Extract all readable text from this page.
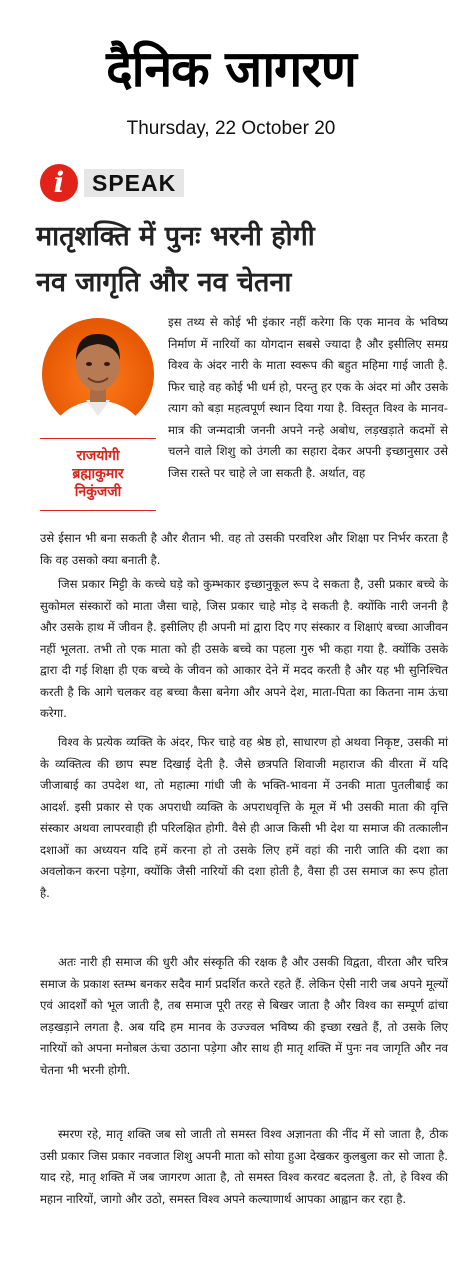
दैनिक जागरण
Thursday, 22 October 20
i	SPEAK
मातृशक्ति में पुनः भरनी होगी
नव जागृति और नव चेतना
राजयोगी
ब्रह्माकुमार
निकुंजजी

इस तथ्य से कोई भी इंकार नहीं करेगा कि एक मानव के भविष्य निर्माण में नारियों का योगदान सबसे ज्यादा है और इसीलिए समग्र विश्व के अंदर नारी के माता स्वरूप की बहुत महिमा गाई जाती है. फिर चाहे वह कोई भी धर्म हो, परन्तु हर एक के अंदर मां और उसके त्याग को बड़ा महत्वपूर्ण स्थान दिया गया है. विस्तृत विश्व के मानव-मात्र की जन्मदात्री जननी अपने नन्हे अबोध, लड़खड़ाते कदमों से चलने वाले शिशु को उंगली का सहारा देकर अपनी इच्छानुसार उसे जिस रास्ते पर चाहे ले जा सकती है. अर्थात, वह

उसे ईसान भी बना सकती है और शैतान भी. वह तो उसकी परवरिश और शिक्षा पर निर्भर करता है कि वह उसको क्या बनाती है.

जिस प्रकार मिट्टी के कच्चे घड़े को कुम्भकार इच्छानुकूल रूप दे सकता है, उसी प्रकार बच्चे के सुकोमल संस्कारों को माता जैसा चाहे, जिस प्रकार चाहे मोड़ दे सकती है. क्योंकि नारी जननी है और उसके हाथ में जीवन है. इसीलिए ही अपनी मां द्वारा दिए गए संस्कार व शिक्षाएं बच्चा आजीवन नहीं भूलता. तभी तो एक माता को ही उसके बच्चे का पहला गुरु भी कहा गया है. क्योंकि उसके द्वारा दी गई शिक्षा ही एक बच्चे के जीवन को आकार देने में मदद करती है और यह भी सुनिश्चित करती है कि आगे चलकर वह बच्चा कैसा बनेगा और अपने देश, माता-पिता का कितना नाम ऊंचा करेगा.

विश्व के प्रत्येक व्यक्ति के अंदर, फिर चाहे वह श्रेष्ठ हो, साधारण हो अथवा निकृष्ट, उसकी मां के व्यक्तित्व की छाप स्पष्ट दिखाई देती है. जैसे छत्रपति शिवाजी महाराज की वीरता में यदि जीजाबाई का उपदेश था, तो महात्मा गांधी जी के भक्ति-भावना में उनकी माता पुतलीबाई का आदर्श. इसी प्रकार से एक अपराधी व्यक्ति के अपराधवृत्ति के मूल में भी उसकी माता की वृत्ति संस्कार अथवा लापरवाही ही परिलक्षित होगी. वैसे ही आज किसी भी देश या समाज की तत्कालीन दशाओं का अध्ययन यदि हमें करना हो तो उसके लिए हमें वहां की नारी जाति की दशा का अवलोकन करना पड़ेगा, क्योंकि जैसी नारियों की दशा होती है, वैसा ही उस समाज का रूप होता है.

अतः नारी ही समाज की धुरी और संस्कृति की रक्षक है और उसकी विद्वता, वीरता और चरित्र समाज के प्रकाश स्तम्भ बनकर सदैव मार्ग प्रदर्शित करते रहते हैं. लेकिन ऐसी नारी जब अपने मूल्यों एवं आदर्शों को भूल जाती है, तब समाज पूरी तरह से बिखर जाता है और विश्व का सम्पूर्ण ढांचा लड़खड़ाने लगता है. अब यदि हम मानव के उज्ज्वल भविष्य की इच्छा रखते हैं, तो उसके लिए नारियों को अपना मनोबल ऊंचा उठाना पड़ेगा और साथ ही मातृ शक्ति में पुनः नव जागृति और नव चेतना भी भरनी होगी.

स्मरण रहे, मातृ शक्ति जब सो जाती तो समस्त विश्व अज्ञानता की नींद में सो जाता है, ठीक उसी प्रकार जिस प्रकार नवजात शिशु अपनी माता को सोया हुआ देखकर कुलबुला कर सो जाता है. याद रहे, मातृ शक्ति में जब जागरण आता है, तो समस्त विश्व करवट बदलता है. तो, हे विश्व की महान नारियों, जागो और उठो, समस्त विश्व अपने कल्याणार्थ आपका आह्वान कर रहा है.
